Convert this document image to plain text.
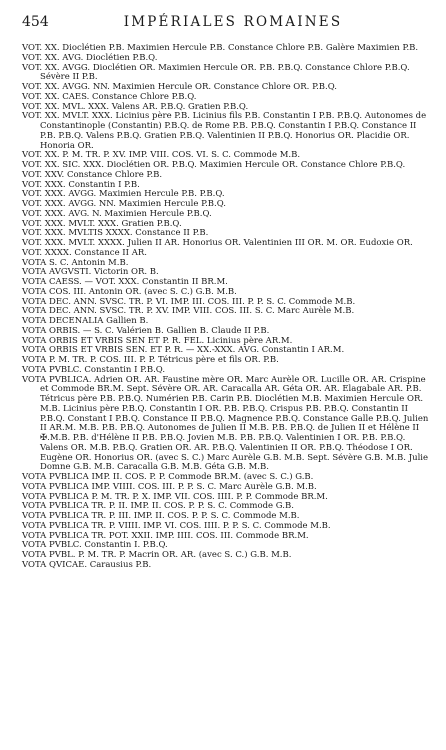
454	IMPÉRIALES ROMAINES
VOT. XX. Dioclétien P.B. Maximien Hercule P.B. Constance Chlore P.B. Galère Maximien P.B.
VOT. XX. AVG. Dioclétien P.B.Q.
VOT. XX. AVGG. Dioclétien OR. Maximien Hercule OR. P.B. P.B.Q. Constance Chlore P.B.Q. Sévère II P.B.
VOT. XX. AVGG. NN. Maximien Hercule OR. Constance Chlore OR. P.B.Q.
VOT. XX. CAES. Constance Chlore P.B.Q.
VOT. XX. MVL. XXX. Valens AR. P.B.Q. Gratien P.B.Q.
VOT. XX. MVLT. XXX. Licinius père P.B. Licinius fils P.B. Constantin I P.B. P.B.Q. Autonomes de Constantinople (Constantin) P.B.Q. de Rome P.B. P.B.Q. Constantin I P.B.Q. Constance II P.B. P.B.Q. Valens P.B.Q. Gratien P.B.Q. Valentinien II P.B.Q. Honorius OR. Placidie OR. Honoria OR.
VOT. XX. P. M. TR. P. XV. IMP. VIII. COS. VI. S. C. Commode M.B.
VOT. XX. SIC. XXX. Dioclétien OR. P.B.Q. Maximien Hercule OR. Constance Chlore P.B.Q.
VOT. XXV. Constance Chlore P.B.
VOT. XXX. Constantin I P.B.
VOT. XXX. AVGG. Maximien Hercule P.B. P.B.Q.
VOT. XXX. AVGG. NN. Maximien Hercule P.B.Q.
VOT. XXX. AVG. N. Maximien Hercule P.B.Q.
VOT. XXX. MVLT. XXX. Gratien P.B.Q.
VOT. XXX. MVLTIS XXXX. Constance II P.B.
VOT. XXX. MVLT. XXXX. Julien II AR. Honorius OR. Valentinien III OR. M. OR. Eudoxie OR.
VOT. XXXX. Constance II AR.
VOTA S. C. Antonin M.B.
VOTA AVGVSTI. Victorin OR. B.
VOTA CAESS. — VOT. XXX. Constantin II BR.M.
VOTA COS. III. Antonin OR. (avec S. C.) G.B. M.B.
VOTA DEC. ANN. SVSC. TR. P. VI. IMP. III. COS. III. P. P. S. C. Commode M.B.
VOTA DEC. ANN. SVSC. TR. P. XV. IMP. VIII. COS. III. S. C. Marc Aurèle M.B.
VOTA DECENALIA Gallien B.
VOTA ORBIS. — S. C. Valérien B. Gallien B. Claude II P.B.
VOTA ORBIS ET VRBIS SEN ET P. R. FEL. Licinius père AR.M.
VOTA ORBIS ET VRBIS SEN. ET P. R. — XX.-XXX. AVG. Constantin I AR.M.
VOTA P. M. TR. P. COS. III. P. P. Tétricus père et fils OR. P.B.
VOTA PVBLC. Constantin I P.B.Q.
VOTA PVBLICA. Adrien OR. AR. Faustine mère OR. Marc Aurèle OR. Lucille OR. AR. Crispine et Commode BR.M. Sept. Sévère OR. AR. Caracalla AR. Géta OR. AR. Elagabale AR. P.B. Tétricus père P.B. P.B.Q. Numérien P.B. Carin P.B. Dioclétien M.B. Maximien Hercule OR. M.B. Licinius père P.B.Q. Constantin I OR. P.B. P.B.Q. Crispus P.B. P.B.Q. Constantin II P.B.Q. Constant I P.B.Q. Constance II P.B.Q. Magnence P.B.Q. Constance Galle P.B.Q. Julien II AR.M. M.B. P.B. P.B.Q. Autonomes de Julien II M.B. P.B. P.B.Q. de Julien II et Hélène II ✠.M.B. P.B. d'Hélène II P.B. P.B.Q. Jovien M.B. P.B. P.B.Q. Valentinien I OR. P.B. P.B.Q. Valens OR. M.B. P.B.Q. Gratien OR. AR. P.B.Q. Valentinien II OR. P.B.Q. Théodose I OR. Eugène OR. Honorius OR. (avec S. C.) Marc Aurèle G.B. M.B. Sept. Sévère G.B. M.B. Julie Domne G.B. M.B. Caracalla G.B. M.B. Géta G.B. M.B.
VOTA PVBLICA IMP. II. COS. P. P. Commode BR.M. (avec S. C.) G.B.
VOTA PVBLICA IMP. VIIII. COS. III. P. P. S. C. Marc Aurèle G.B. M.B.
VOTA PVBLICA P. M. TR. P. X. IMP. VII. COS. IIII. P. P. Commode BR.M.
VOTA PVBLICA TR. P. II. IMP. II. COS. P. P. S. C. Commode G.B.
VOTA PVBLICA TR. P. III. IMP. II. COS. P. P. S. C. Commode M.B.
VOTA PVBLICA TR. P. VIIII. IMP. VI. COS. IIII. P. P. S. C. Commode M.B.
VOTA PVBLICA TR. POT. XXII. IMP. IIII. COS. III. Commode BR.M.
VOTA PVBLC. Constantin I. P.B.Q.
VOTA PVBL. P. M. TR. P. Macrin OR. AR. (avec S. C.) G.B. M.B.
VOTA QVICAE. Carausius P.B.
